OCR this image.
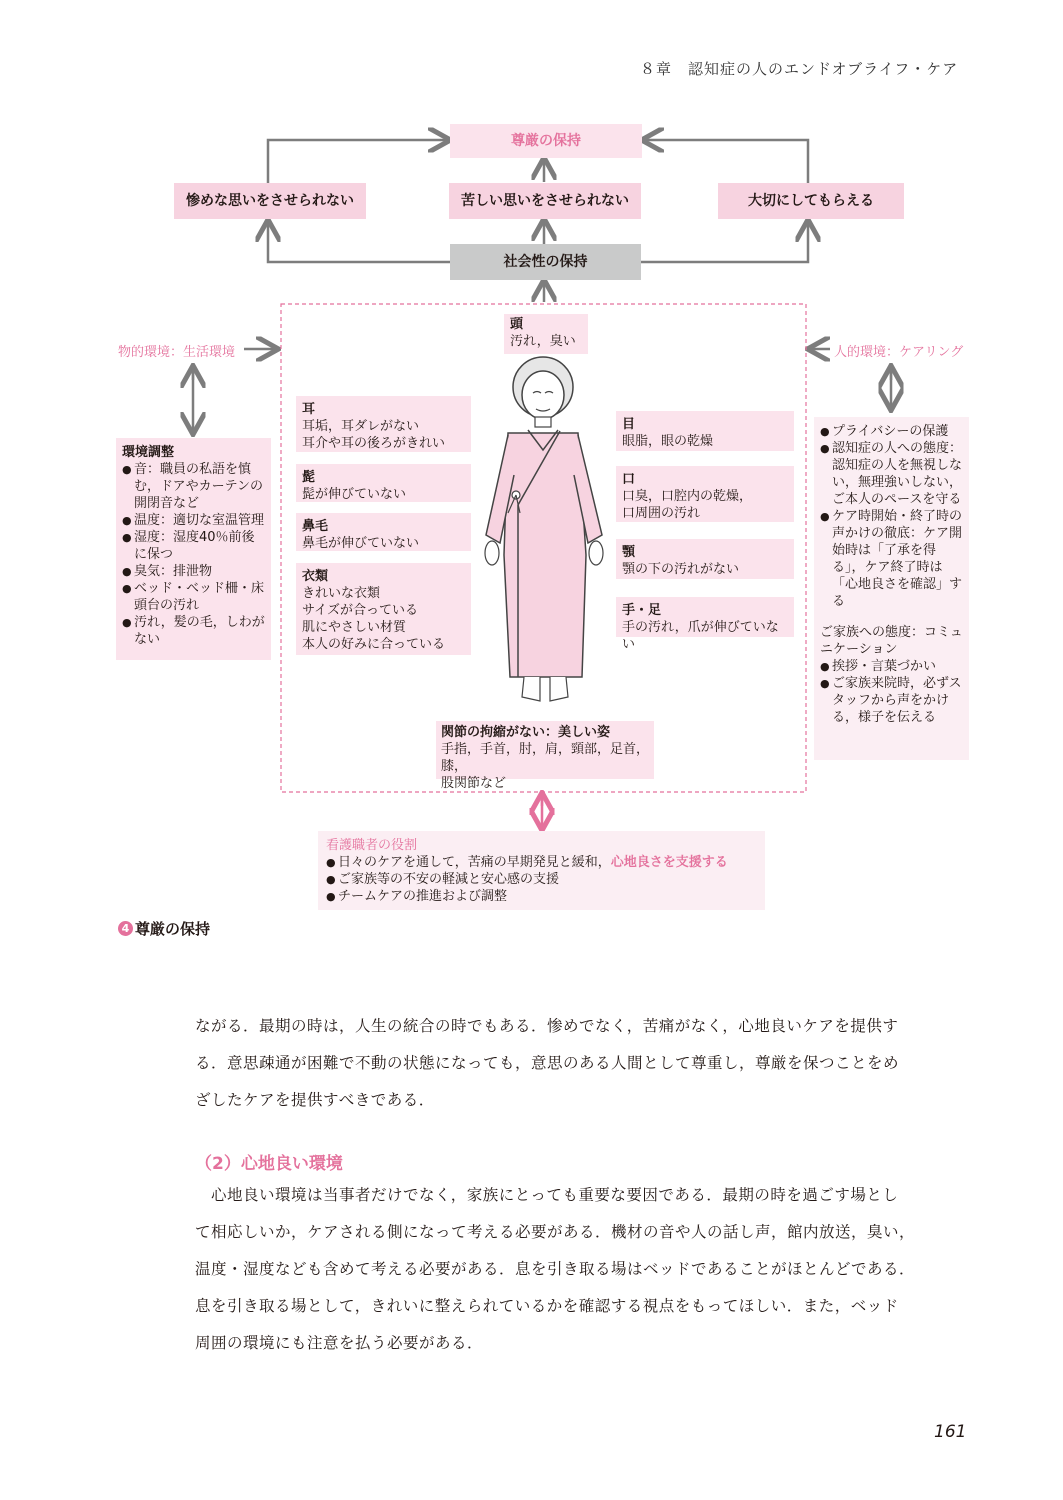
８章　認知症の人のエンドオブライフ・ケア
尊厳の保持
惨めな思いをさせられない	苦しい思いをさせられない	大切にしてもらえる
社会性の保持
物的環境：生活環境	人的環境：ケアリング
頭
汚れ，臭い
耳
耳垢，耳ダレがない
耳介や耳の後ろがきれい
髭
髭が伸びていない
鼻毛
鼻毛が伸びていない
衣類
きれいな衣類
サイズが合っている
肌にやさしい材質
本人の好みに合っている
目
眼脂，眼の乾燥
口
口臭，口腔内の乾燥，
口周囲の汚れ
顎
顎の下の汚れがない
手・足
手の汚れ，爪が伸びていない
関節の拘縮がない：美しい姿
手指，手首，肘，肩，頸部，足首，膝，
股関節など
環境調整
● 音：職員の私語を慎む，ドアやカーテンの開閉音など
● 温度：適切な室温管理
● 湿度：湿度40％前後に保つ
● 臭気：排泄物
● ベッド・ベッド柵・床頭台の汚れ
● 汚れ，髪の毛，しわがない
● プライバシーの保護
● 認知症の人への態度：認知症の人を無視しない，無理強いしない，ご本人のペースを守る
● ケア時開始・終了時の声かけの徹底：ケア開始時は「了承を得る」，ケア終了時は「心地良さを確認」する
ご家族への態度：コミュニケーション
● 挨拶・言葉づかい
● ご家族来院時，必ずスタッフから声をかける，様子を伝える
看護職者の役割
● 日々のケアを通して，苦痛の早期発見と緩和，心地良さを支援する
● ご家族等の不安の軽減と安心感の支援
● チームケアの推進および調整
4 尊厳の保持
ながる．最期の時は，人生の統合の時でもある．惨めでなく，苦痛がなく，心地良いケアを提供す
る．意思疎通が困難で不動の状態になっても，意思のある人間として尊重し，尊厳を保つことをめ
ざしたケアを提供すべきである．
（2）心地良い環境
　心地良い環境は当事者だけでなく，家族にとっても重要な要因である．最期の時を過ごす場とし
て相応しいか，ケアされる側になって考える必要がある．機材の音や人の話し声，館内放送，臭い，
温度・湿度なども含めて考える必要がある．息を引き取る場はベッドであることがほとんどである．
息を引き取る場として，きれいに整えられているかを確認する視点をもってほしい．また，ベッド
周囲の環境にも注意を払う必要がある．
161
